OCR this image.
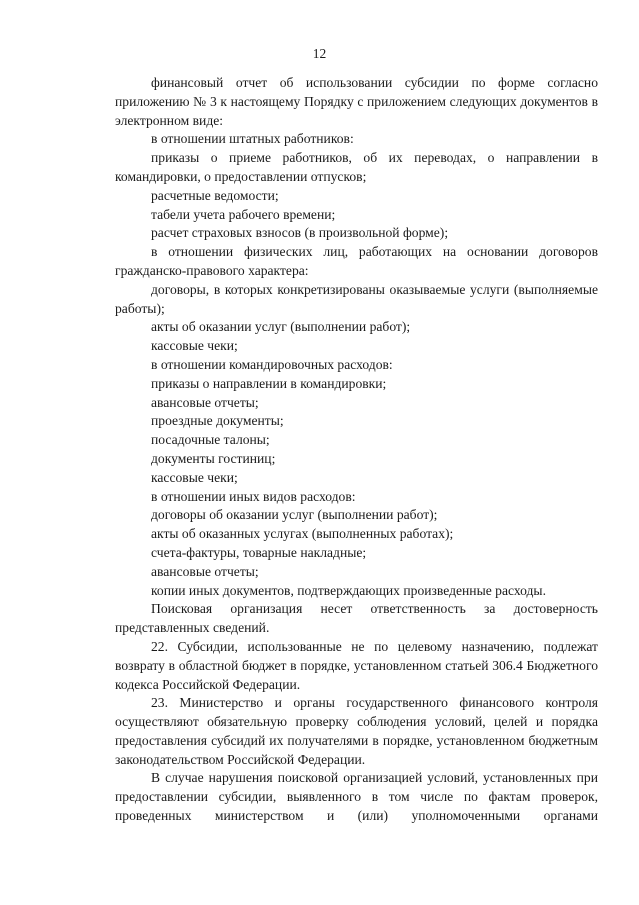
12

финансовый отчет об использовании субсидии по форме согласно приложению № 3 к настоящему Порядку с приложением следующих документов в электронном виде:

в отношении штатных работников:

приказы о приеме работников, об их переводах, о направлении в командировки, о предоставлении отпусков;

расчетные ведомости;

табели учета рабочего времени;

расчет страховых взносов (в произвольной форме);

в отношении физических лиц, работающих на основании договоров гражданско-правового характера:

договоры, в которых конкретизированы оказываемые услуги (выполняемые работы);

акты об оказании услуг (выполнении работ);

кассовые чеки;

в отношении командировочных расходов:

приказы о направлении в командировки;

авансовые отчеты;

проездные документы;

посадочные талоны;

документы гостиниц;

кассовые чеки;

в отношении иных видов расходов:

договоры об оказании услуг (выполнении работ);

акты об оказанных услугах (выполненных работах);

счета-фактуры, товарные накладные;

авансовые отчеты;

копии иных документов, подтверждающих произведенные расходы.

Поисковая организация несет ответственность за достоверность представленных сведений.

22. Субсидии, использованные не по целевому назначению, подлежат возврату в областной бюджет в порядке, установленном статьей 306.4 Бюджетного кодекса Российской Федерации.

23. Министерство и органы государственного финансового контроля осуществляют обязательную проверку соблюдения условий, целей и порядка предоставления субсидий их получателями в порядке, установленном бюджетным законодательством Российской Федерации.

В случае нарушения поисковой организацией условий, установленных при предоставлении субсидии, выявленного в том числе по фактам проверок, проведенных министерством и (или) уполномоченными органами
